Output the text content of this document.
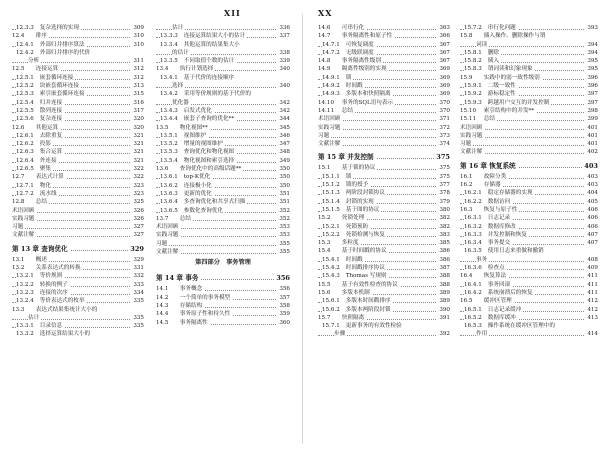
XII	XX
12.3.3 复杂选择的实现	309
12.4 排序	310
12.4.1 外部归并排序算法	310
12.4.2 外部归并排序的代价
分析	311
12.5 连接运算	312
12.5.1 嵌套循环连接	312
12.5.2 块嵌套循环连接	313
12.5.3 索引嵌套循环连接	315
12.5.4 归并连接	316
12.5.5 散列连接	317
12.5.6 复杂连接	320
12.6 其他运算	320
12.6.1 去除重复	321
12.6.2 投影	321
12.6.3 集合运算	321
12.6.4 外连接	321
12.6.5 聚集	322
12.7 表达式计算	322
12.7.1 物化	323
12.7.2 流水线	323
12.8 总结	325
术语回顾	326
实践习题	326
习题	327
文献注解	327
第 13 章 查询优化	329
13.1 概述	329
13.2 关系表达式的转换	331
13.2.1 等价规则	332
13.2.2 转换的例子	333
13.2.3 连接的次序	334
13.2.4 等价表达式的枚举	335
13.3 表达式结果集统计大小的
估计	335
13.3.1 目录信息	335
13.3.2 选择运算结果大小的
估计	336
13.3.3 连接运算结果大小的估计	337
13.3.4 其他运算的结果集大小
的估计	338
13.3.5 不同取值个数的估计	339
13.4 执行计划选择	340
13.4.1 基于代价的连接顺序
选择	340
13.4.2 采用等价规则的基于代价的
优化器	342
13.4.3 启发式优化	342
13.4.4 嵌套子查询的优化**	344
13.5 物化视图**	345
13.5.1 视图维护	346
13.5.2 增量的视图维护	347
13.5.3 查询优化和物化视图	348
13.5.4 物化视图和索引选择	349
13.6 查询优化中的高级话题**	350
13.6.1 top-K优化	350
13.6.2 连接极小化	350
13.6.3 更新的优化	351
13.6.4 多查询优化和共享式扫描	351
13.6.5 参数化查询优化	352
13.7 总结	352
术语回顾	353
实践习题	353
习题	355
文献注解	355
第四部分　事务管理
第 14 章 事务	356
14.1 事务概念	356
14.2 一个简单的事务模型	357
14.3 存储结构	358
14.4 事务原子性和持久性	359
14.5 事务隔离性	360
14.6 可串行化	363
14.7 事务隔离性和原子性	366
14.7.1 可恢复调度	367
14.7.2 无级联调度	367
14.8 事务隔离性级别	367
14.9 隔离性级别的实现	369
14.9.1 锁	369
14.9.2 时间戳	369
14.9.3 多版本和快照隔离	369
14.10 事务的SQL语句表示	370
14.11 总结	370
术语回顾	371
实践习题	372
习题	373
文献注解	374
第 15 章 并发控制	375
15.1 基于锁的协议	375
15.1.1 锁	375
15.1.2 锁的授予	377
15.1.3 两阶段封锁协议	378
15.1.4 封锁的实现	379
15.1.5 基于图的协议	380
15.2 死锁处理	382
15.2.1 死锁预防	382
15.2.2 死锁检测与恢复	383
15.3 多粒度	385
15.4 基于时间戳的协议	386
15.4.1 时间戳	386
15.4.2 时间戳排序协议	387
15.4.3 Thomas 写规则	388
15.5 基于有效性检查的协议	388
15.6 多版本机制	389
15.6.1 多版本时间戳排序	389
15.6.2 多版本两阶段封锁	390
15.7 快照隔离	391
15.7.1 更新事务的有效性检验
步骤	392
15.7.2 串行化问题	393
15.8 插入操作、删除操作与谓
词读	394
15.8.1 删除	394
15.8.2 插入	395
15.8.3 谓词读和幻象现象	395
15.9 实践中的弱一致性级别	396
15.9.1 二级一致性	396
15.9.2 游标稳定性	397
15.9.3 跨越用户交互的并发控制	397
15.10 索引结构中的并发**	398
15.11 总结	399
术语回顾	401
实践习题	401
习题	401
文献注解	402
第 16 章 恢复系统	403
16.1 故障分类	403
16.2 存储器	403
16.2.1 稳定存储器的实现	404
16.2.2 数据访问	405
16.3 恢复与原子性	406
16.3.1 日志记录	406
16.3.2 数据库修改	406
16.3.3 并发控制和恢复	407
16.3.4 事务提交	407
16.3.5 使用日志来重做和撤销
事务	408
16.3.6 检查点	409
16.4 恢复算法	411
16.4.1 事务回滚	411
16.4.2 系统崩溃后的恢复	411
16.5 缓冲区管理	412
16.5.1 日志记录缓冲	412
16.5.2 数据库缓冲	413
16.5.3 操作系统在缓冲区管理中的
作用	414
